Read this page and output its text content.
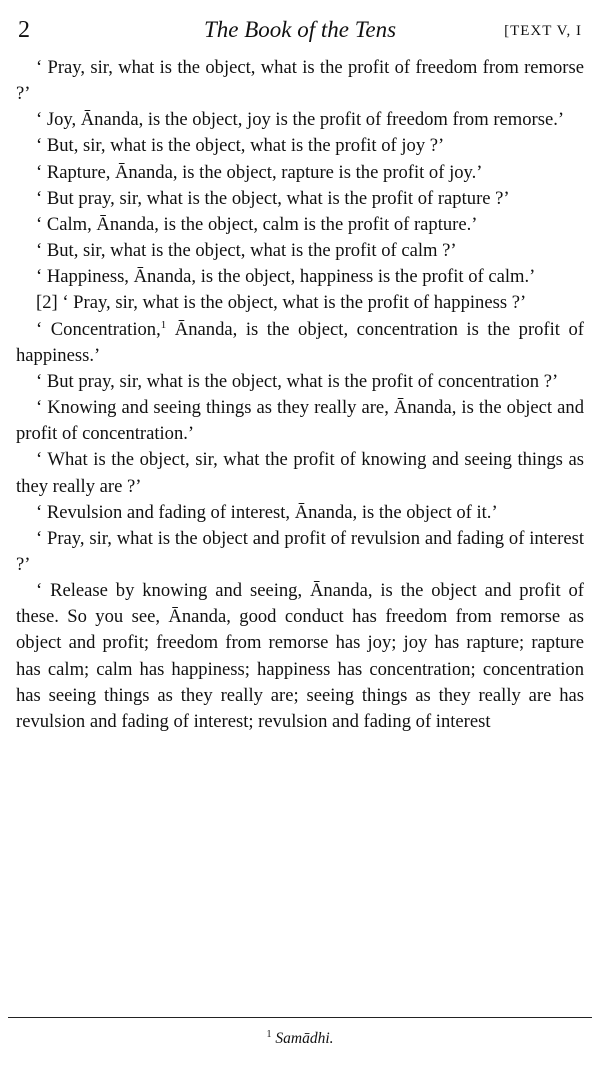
2	The Book of the Tens	[TEXT V, I

‘ Pray, sir, what is the object, what is the profit of freedom from remorse ?’

‘ Joy, Ānanda, is the object, joy is the profit of freedom from remorse.’

‘ But, sir, what is the object, what is the profit of joy ?’

‘ Rapture, Ānanda, is the object, rapture is the profit of joy.’

‘ But pray, sir, what is the object, what is the profit of rapture ?’

‘ Calm, Ānanda, is the object, calm is the profit of rapture.’

‘ But, sir, what is the object, what is the profit of calm ?’

‘ Happiness, Ānanda, is the object, happiness is the profit of calm.’

[2] ‘ Pray, sir, what is the object, what is the profit of happiness ?’

‘ Concentration,$^1$ Ānanda, is the object, concentration is the profit of happiness.’

‘ But pray, sir, what is the object, what is the profit of concentration ?’

‘ Knowing and seeing things as they really are, Ānanda, is the object and profit of concentration.’

‘ What is the object, sir, what the profit of knowing and seeing things as they really are ?’

‘ Revulsion and fading of interest, Ānanda, is the object of it.’

‘ Pray, sir, what is the object and profit of revulsion and fading of interest ?’

‘ Release by knowing and seeing, Ānanda, is the object and profit of these. So you see, Ānanda, good conduct has freedom from remorse as object and profit; freedom from remorse has joy; joy has rapture; rapture has calm; calm has happiness; happiness has concentration; concentration has seeing things as they really are; seeing things as they really are has revulsion and fading of interest; revulsion and fading of interest

$^1$ Samādhi.
